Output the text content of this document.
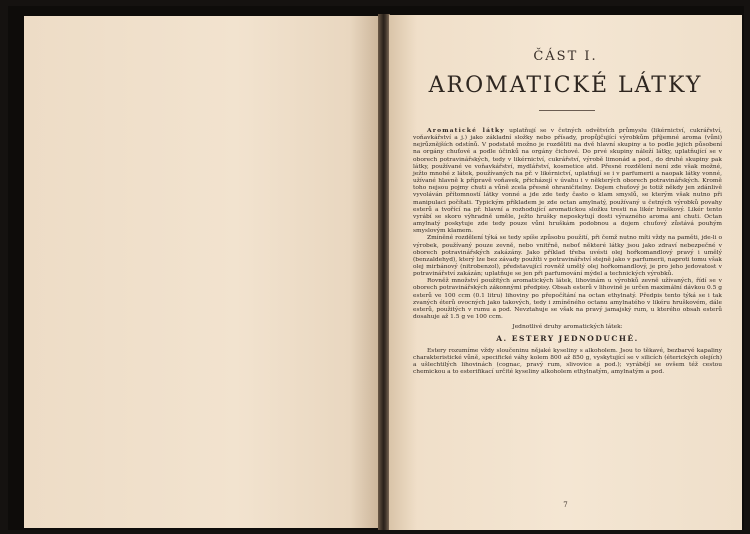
ČÁST I.
AROMATICKÉ LÁTKY

Aromatické látky uplatňují se v četných odvětvích průmyslu (likérnictví, cukrářství, voňavkářství a j.) jako základní složky nebo přísady, propůjčující výrobkům příjemné aroma (vůni) nejrůznějších odstínů. V podstatě možno je rozděliti na dvě hlavní skupiny a to podle jejich působení na orgány chuťové a podle účinků na orgány čichové. Do prvé skupiny náleží látky, uplatňující se v oborech potravinářských, tedy v likérnictví, cukrářství, výrobě limonád a pod., do druhé skupiny pak látky, používané ve voňavkářství, mydlářství, kosmetice atd. Přesné rozdělení není zde však možné, ježto mnohé z látek, používaných na př. v likérnictví, uplatňují se i v parfumerii a naopak látky vonné, užívané hlavně k přípravě voňavek, přicházejí v úvahu i v některých oborech potravinářských. Kromě toho nejsou pojmy chuti a vůně zcela přesně ohraničitelny. Dojem chuťový je totiž někdy jen zdánlivě vyvoláván přítomností látky vonné a jde zde tedy často o klam smyslů, se kterým však nutno při manipulaci počítati. Typickým příkladem je zde octan amylnatý, používaný u četných výrobků povahy esterů a tvořící na př. hlavní a rozhodující aromatickou složku tresti na likér hruškový. Likér tento vyrábí se skoro výhradně uměle, ježto hrušky neposkytují dosti výrazného aroma ani chuti. Octan amylnatý poskytuje zde tedy pouze vůni hruškám podobnou a dojem chuťový zůstává pouhým smyslovým klamem.

Zmíněné rozdělení týká se tedy spíše způsobu použití, při čemž nutno míti vždy na paměti, jde-li o výrobek, používaný pouze zevně, nebo vnitřně, neboť některé látky jsou jako zdraví nebezpečné v oborech potravinářských zakázány. Jako příklad třeba uvésti olej hořkomandlový pravý i umělý (benzaldehyd), který lze bez závady použíti v potravinářství stejně jako v parfumerii, naproti tomu však olej mirbánový (nitrobenzol), představující rovněž umělý olej hořkomandlový, je pro jeho jedovatost v potravinářství zakázán; uplatňuje se jen při parfumování mýdel a technických výrobků.

Rovněž množství použitých aromatických látek, lihovinám u výrobků zevně užívaných, řídí se v oborech potravinářských zákonnými předpisy. Obsah esterů v lihovině je určen maximální dávkou 0.5 g esterů ve 100 ccm (0.1 litru) lihoviny po přepočítání na octan ethylnatý. Předpis tento týká se i tak zvaných éterů ovocných jako takových, tedy i zmíněného octanu amylnatého v likéru hruškovém, dále esterů, použitých v rumu a pod. Nevztahuje se však na pravý jamajský rum, u kterého obsah esterů dosahuje až 1.5 g ve 100 ccm.

Jednotlivé druhy aromatických látek:

A. ESTERY JEDNODUCHÉ.

Estery rozumíme vždy sloučeninu nějaké kyseliny s alkoholem. Jsou to těkavé, bezbarvé kapaliny charakteristické vůně, specifické váhy kolem 800 až 850 g, vyskytující se v silicích (éterických olejích) a ušlechtilých lihovinách (cognac, pravý rum, slivovice a pod.); vyrábějí se ovšem též cestou chemickou a to esterifikací určité kyseliny alkoholem ethylnatým, amylnatým a pod.

7
